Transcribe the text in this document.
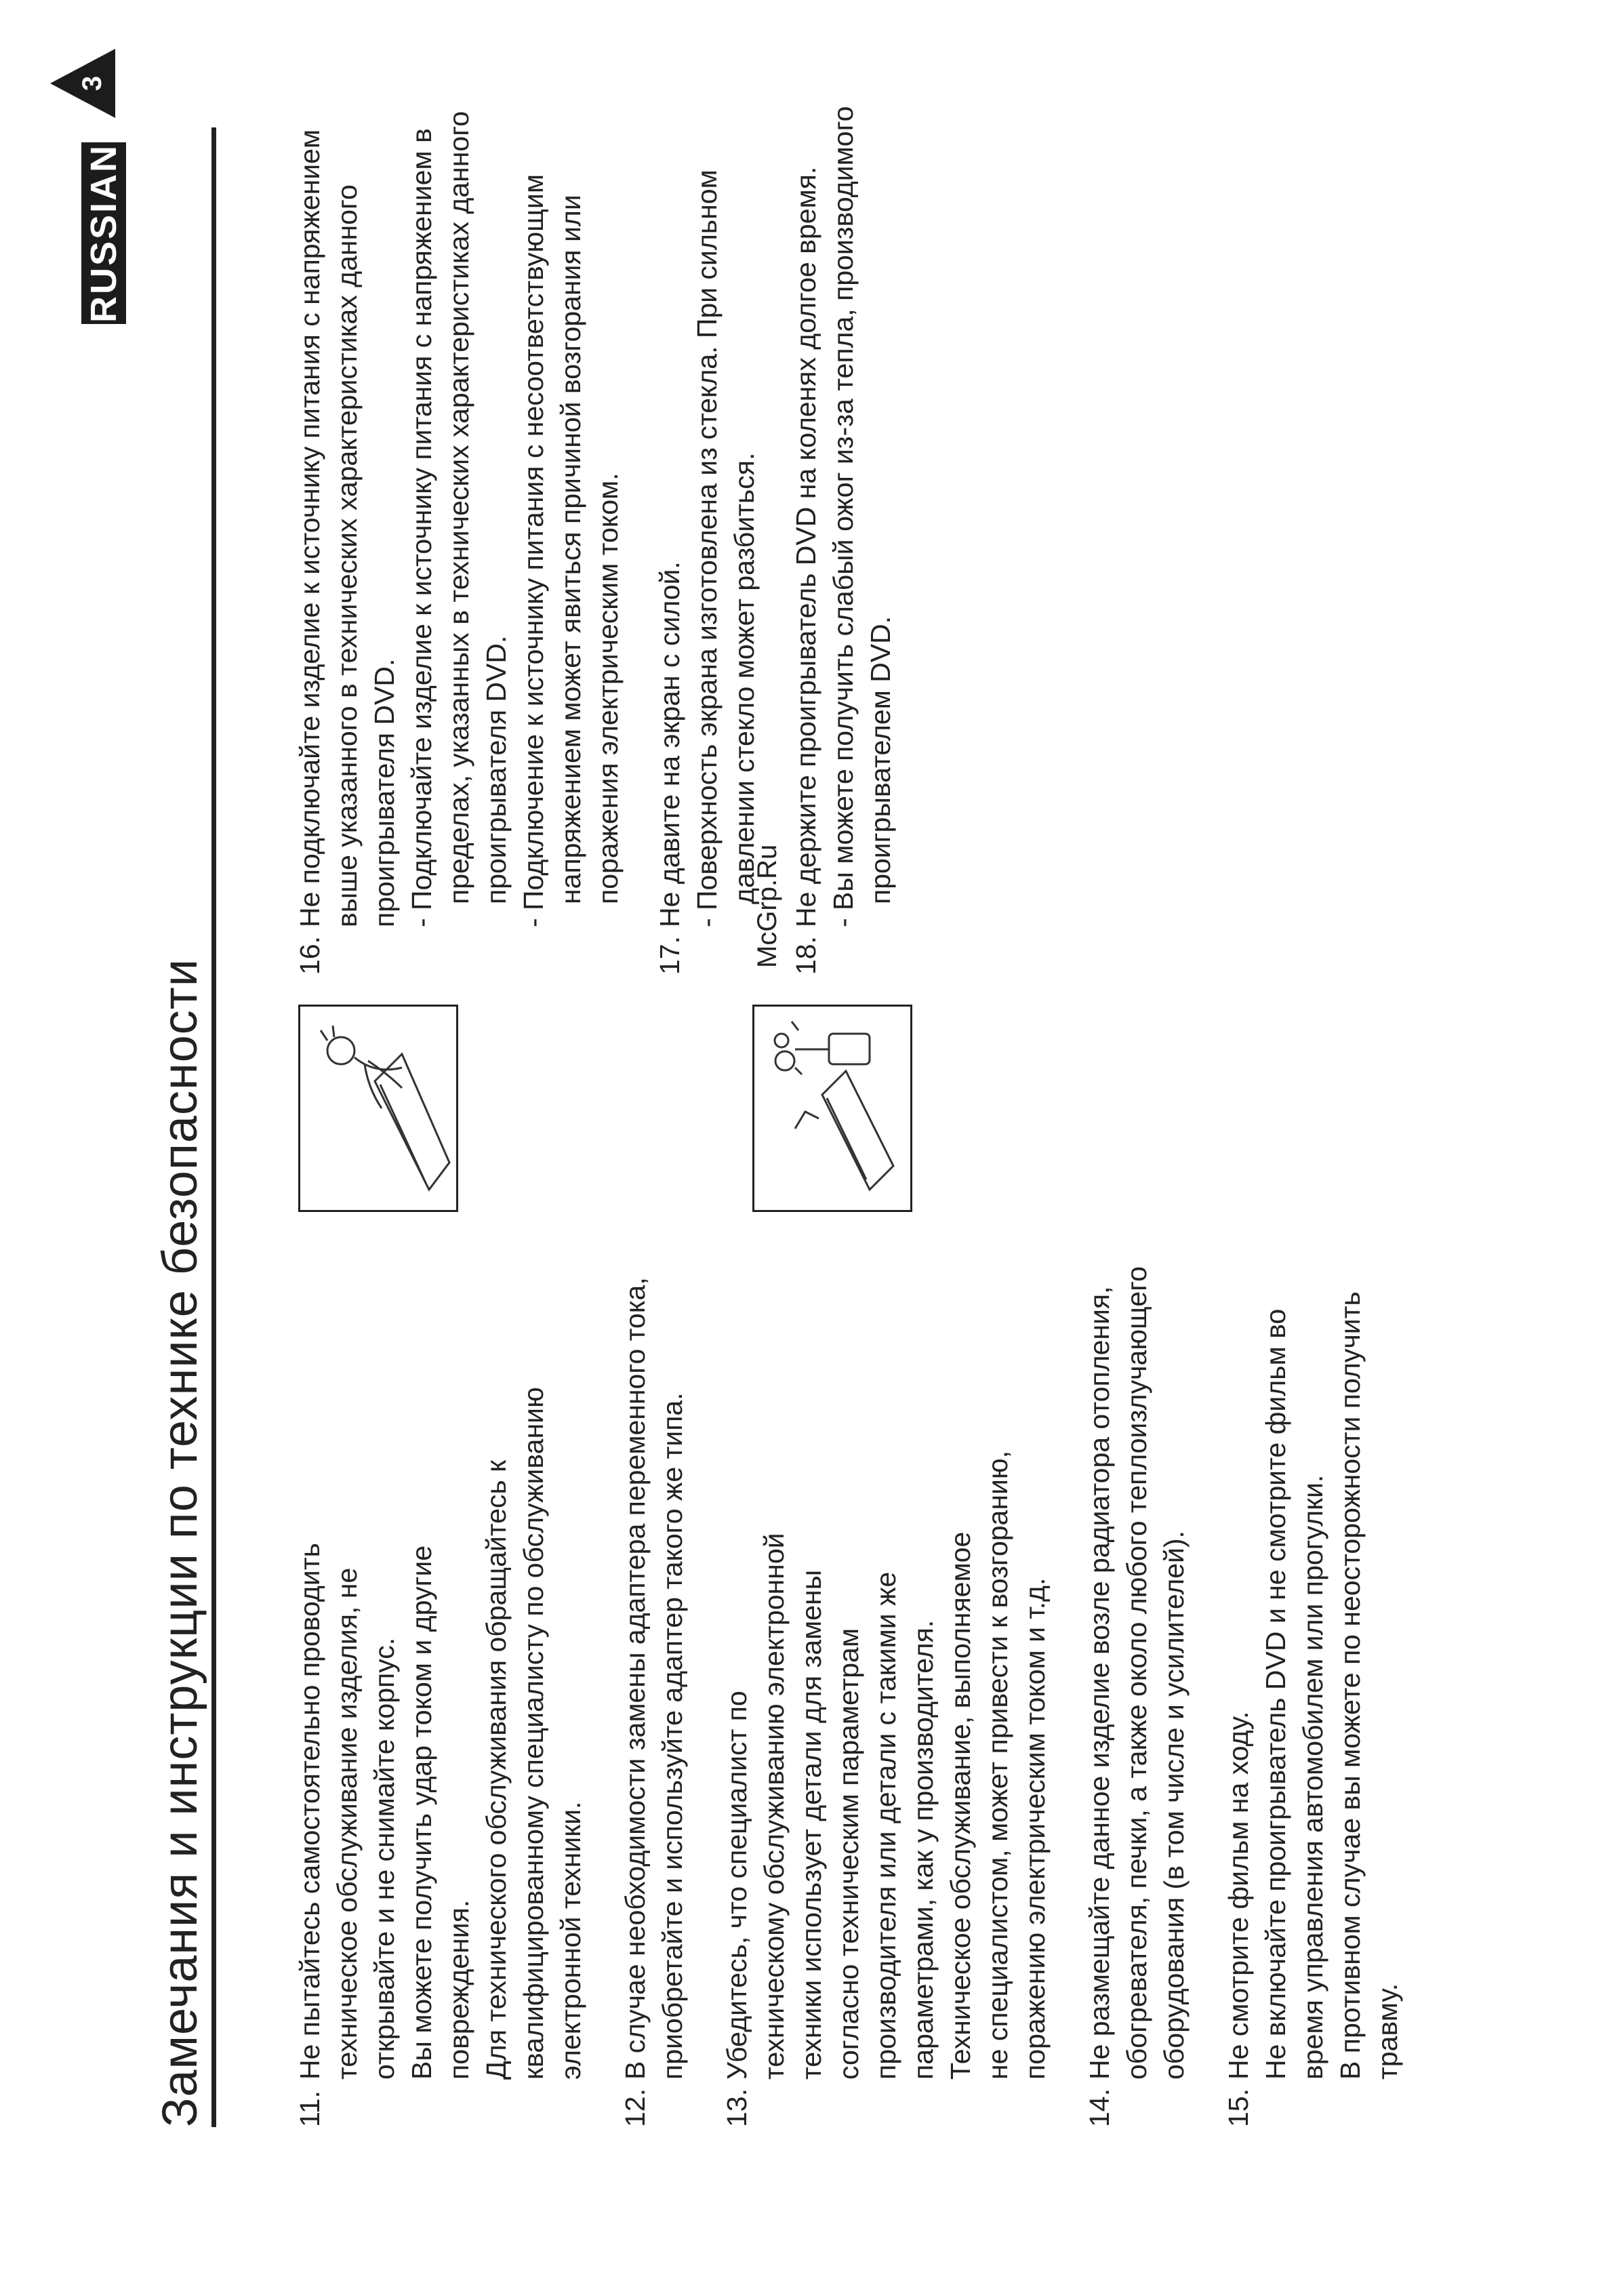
Замечания и инструкции по технике безопасности
RUSSIAN
3
11.
Не пытайтесь самостоятельно проводить техническое обслуживание изделия, не открывайте и не снимайте корпус. Вы можете получить удар током и другие повреждения. Для технического обслуживания обращайтесь к квалифицированному специалисту по обслуживанию электронной техники.
12.
В случае необходимости замены адаптера переменного тока, приобретайте и используйте адаптер такого же типа.
13.
Убедитесь, что специалист по техническому обслуживанию электронной техники использует детали для замены согласно техническим параметрам производителя или детали с такими же параметрами, как у производителя. Техническое обслуживание, выполняемое не специалистом, может привести к возгоранию, поражению электрическим током и т.д.
14.
Не размещайте данное изделие возле радиатора отопления, обогревателя, печки, а также около любого теплоизлучающего оборудования (в том числе и усилителей).
15.
Не смотрите фильм на ходу. Не включайте проигрыватель DVD и не смотрите фильм во время управления автомобилем или прогулки. В противном случае вы можете по неосторожности получить травму.
McGrp.Ru
16.
Не подключайте изделие к источнику питания с напряжением выше указанного в технических характеристиках данного проигрывателя DVD. - Подключайте изделие к источнику питания с напряжением в пределах, указанных в технических характеристиках данного проигрывателя DVD. - Подключение к источнику питания с несоответствующим напряжением может явиться причиной возгорания или поражения электрическим током.
17.
Не давите на экран с силой. - Поверхность экрана изготовлена из стекла. При сильном давлении стекло может разбиться.
18.
Не держите проигрыватель DVD на коленях долгое время. - Вы можете получить слабый ожог из-за тепла, производимого проигрывателем DVD.
